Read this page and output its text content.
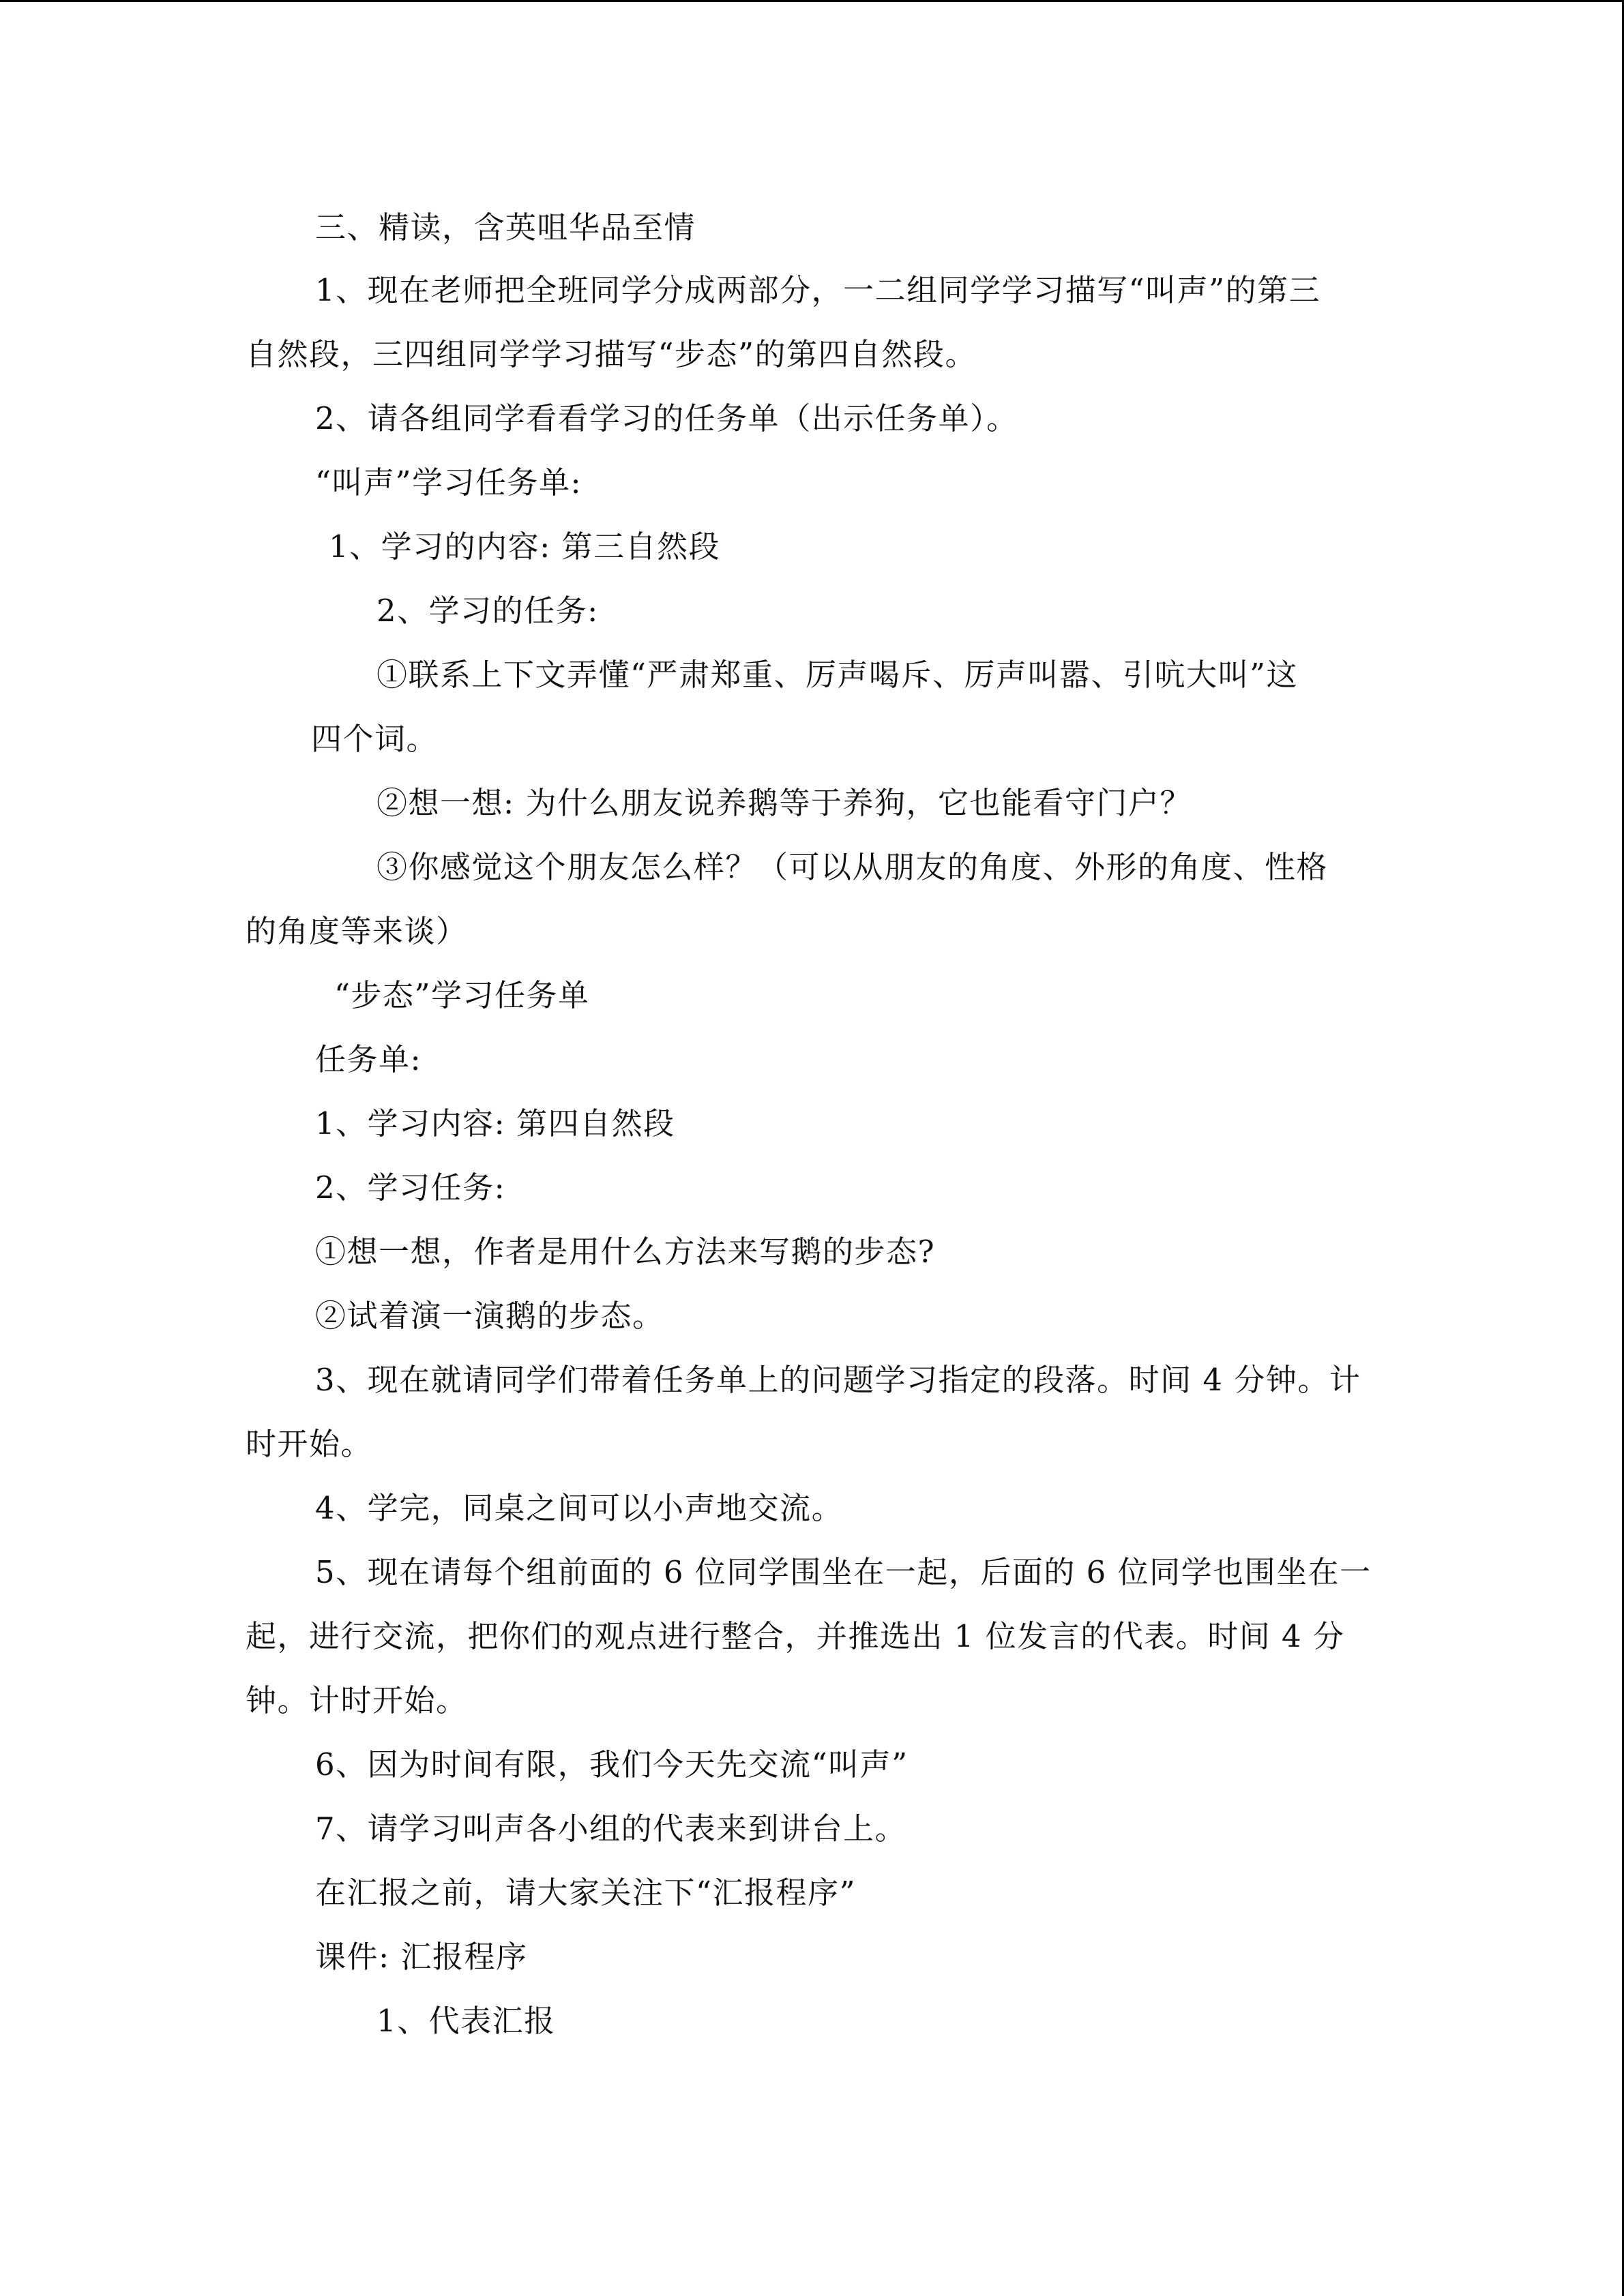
三、精读，含英咀华品至情
1、现在老师把全班同学分成两部分，一二组同学学习描写“叫声”的第三
自然段，三四组同学学习描写“步态”的第四自然段。
2、请各组同学看看学习的任务单（出示任务单）。
“叫声”学习任务单:
1、学习的内容: 第三自然段
2、学习的任务:
①联系上下文弄懂“严肃郑重、厉声喝斥、厉声叫嚣、引吭大叫”这
四个词。
②想一想: 为什么朋友说养鹅等于养狗，它也能看守门户？
③你感觉这个朋友怎么样？（可以从朋友的角度、外形的角度、性格
的角度等来谈）
“步态”学习任务单
任务单:
1、学习内容: 第四自然段
2、学习任务:
①想一想，作者是用什么方法来写鹅的步态?
②试着演一演鹅的步态。
3、现在就请同学们带着任务单上的问题学习指定的段落。时间 4 分钟。计
时开始。
4、学完，同桌之间可以小声地交流。
5、现在请每个组前面的 6 位同学围坐在一起，后面的 6 位同学也围坐在一
起，进行交流，把你们的观点进行整合，并推选出 1 位发言的代表。时间 4 分
钟。计时开始。
6、因为时间有限，我们今天先交流“叫声”
7、请学习叫声各小组的代表来到讲台上。
在汇报之前，请大家关注下“汇报程序”
课件: 汇报程序
1、代表汇报
